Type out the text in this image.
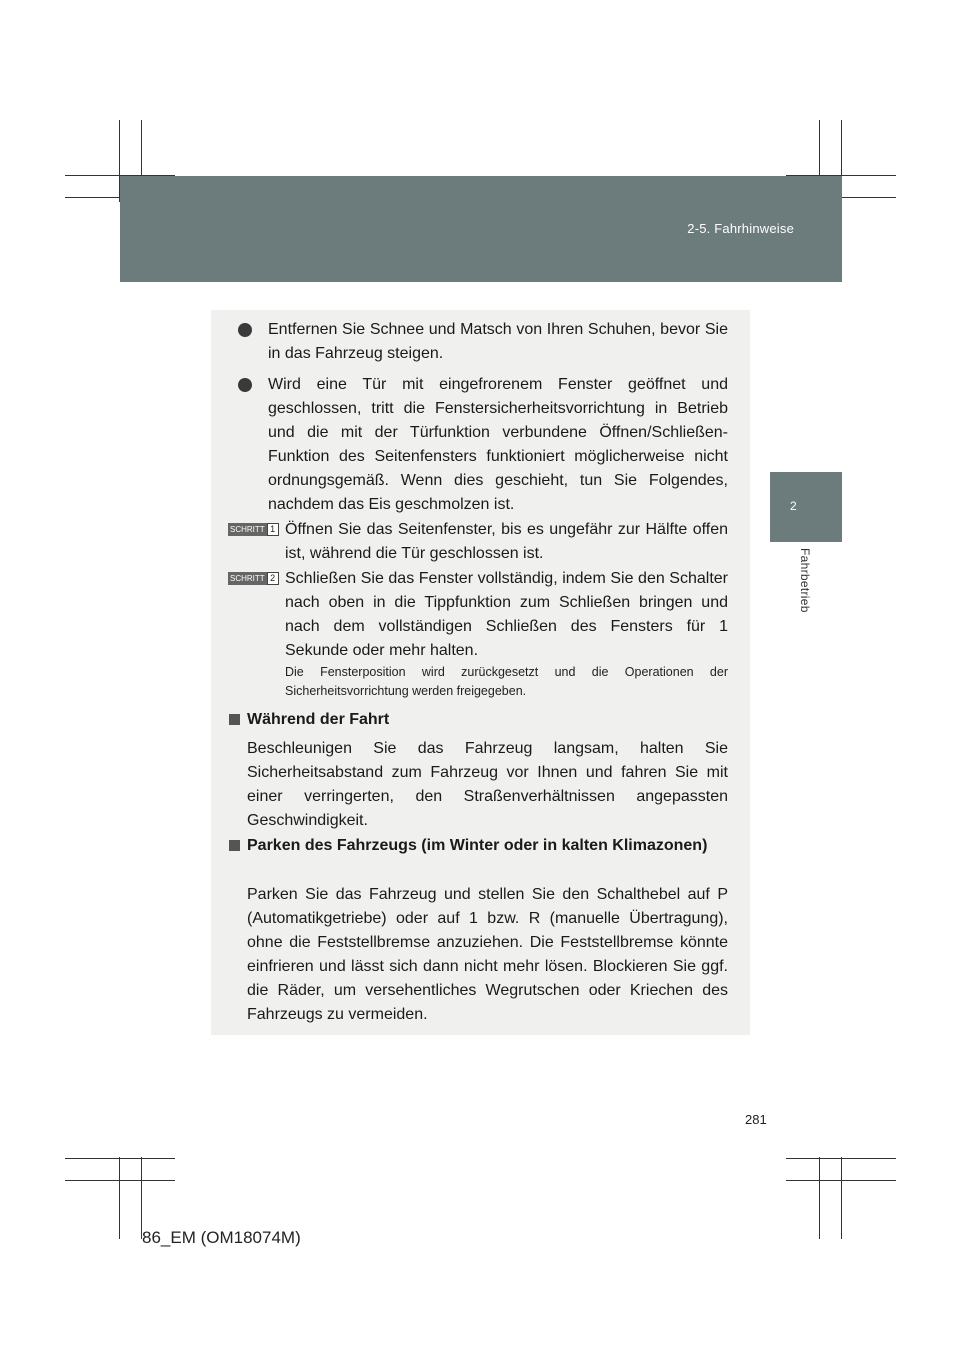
2-5. Fahrhinweise
2
Fahrbetrieb

Entfernen Sie Schnee und Matsch von Ihren Schuhen, bevor Sie in das Fahrzeug steigen.

Wird eine Tür mit eingefrorenem Fenster geöffnet und geschlossen, tritt die Fenstersicherheitsvorrichtung in Betrieb und die mit der Türfunktion verbundene Öffnen/Schließen-Funktion des Seitenfensters funktioniert möglicherweise nicht ordnungsgemäß. Wenn dies geschieht, tun Sie Folgendes, nachdem das Eis geschmolzen ist.

SCHRITT 1 Öffnen Sie das Seitenfenster, bis es ungefähr zur Hälfte offen ist, während die Tür geschlossen ist.

SCHRITT 2 Schließen Sie das Fenster vollständig, indem Sie den Schalter nach oben in die Tippfunktion zum Schließen bringen und nach dem vollständigen Schließen des Fensters für 1 Sekunde oder mehr halten.

Die Fensterposition wird zurückgesetzt und die Operationen der Sicherheitsvorrichtung werden freigegeben.

Während der Fahrt

Beschleunigen Sie das Fahrzeug langsam, halten Sie Sicherheitsabstand zum Fahrzeug vor Ihnen und fahren Sie mit einer verringerten, den Straßenverhältnissen angepassten Geschwindigkeit.

Parken des Fahrzeugs (im Winter oder in kalten Klimazonen)

Parken Sie das Fahrzeug und stellen Sie den Schalthebel auf P (Automatikgetriebe) oder auf 1 bzw. R (manuelle Übertragung), ohne die Feststellbremse anzuziehen. Die Feststellbremse könnte einfrieren und lässt sich dann nicht mehr lösen. Blockieren Sie ggf. die Räder, um versehentliches Wegrutschen oder Kriechen des Fahrzeugs zu vermeiden.

281
86_EM (OM18074M)
